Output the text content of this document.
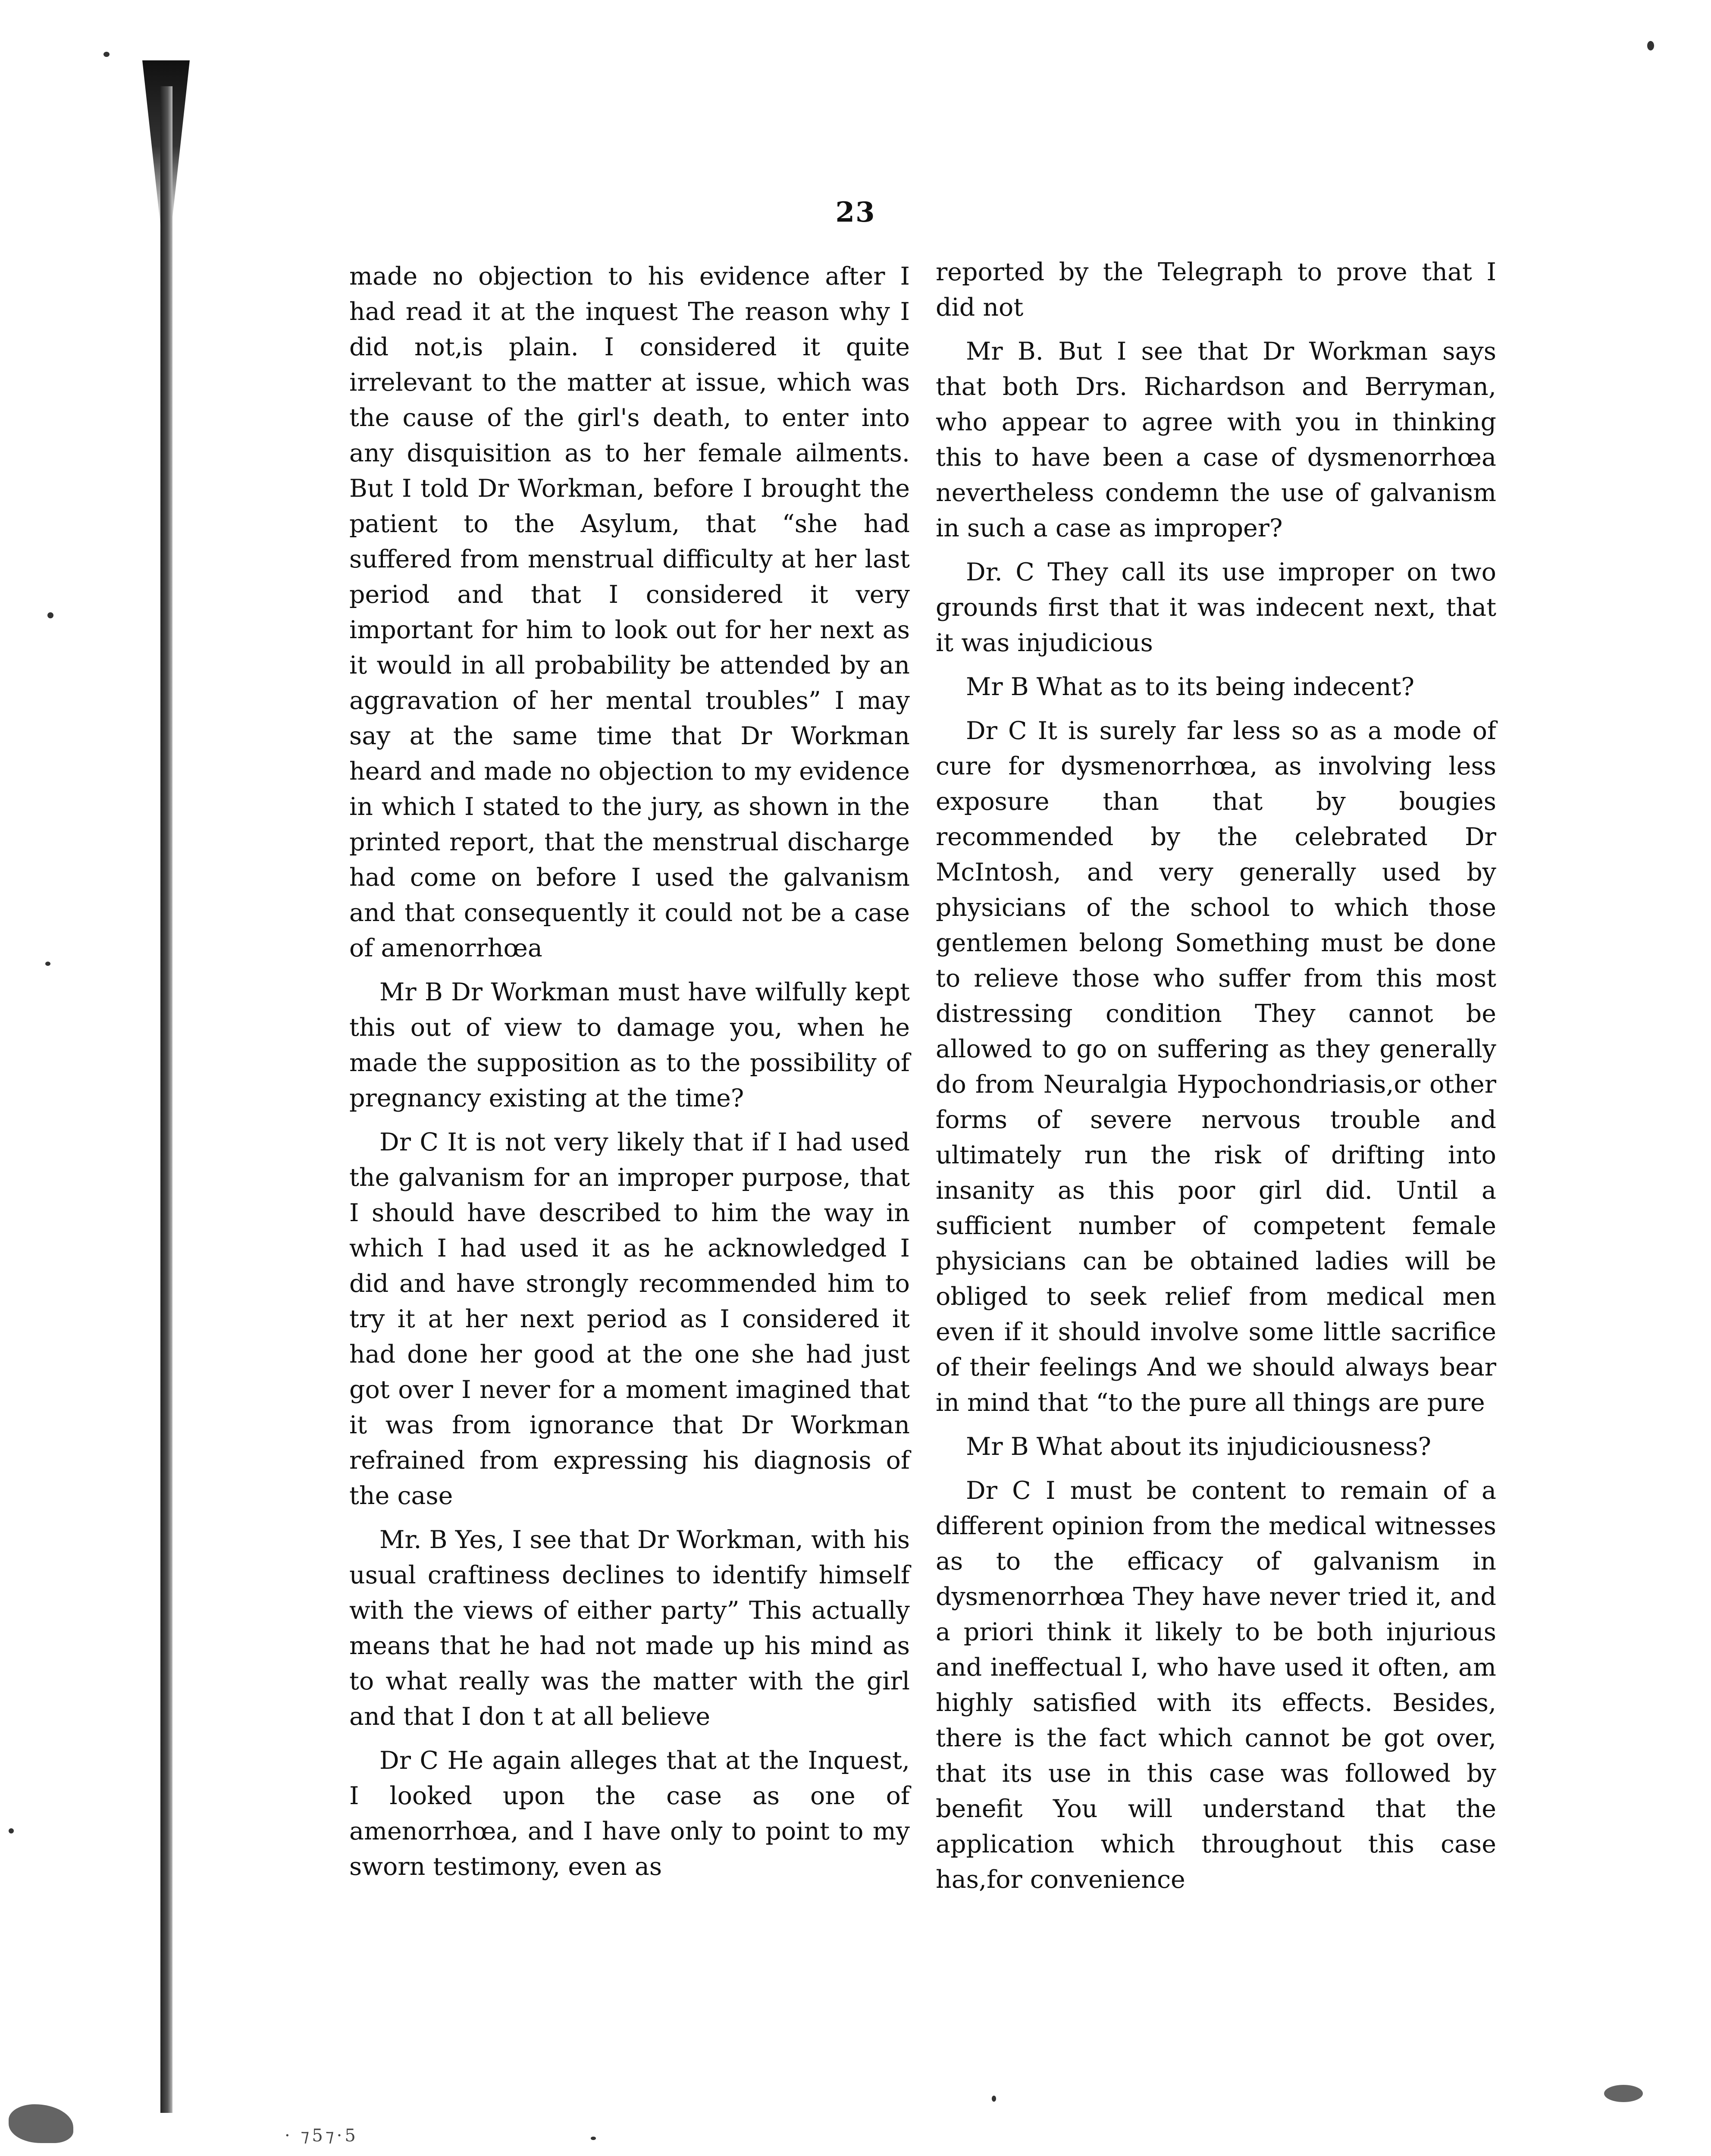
23

made no objection to his evidence after I had read it at the inquest The reason why I did not,is plain. I considered it quite irrelevant to the matter at issue, which was the cause of the girl's death, to enter into any disquisition as to her female ailments. But I told Dr Workman, before I brought the patient to the Asylum, that “she had suffered from menstrual difficulty at her last period and that I considered it very important for him to look out for her next as it would in all probability be attended by an aggravation of her mental troubles” I may say at the same time that Dr Workman heard and made no objection to my evidence in which I stated to the jury, as shown in the printed report, that the menstrual discharge had come on before I used the galvanism and that consequently it could not be a case of amenorrhœa

Mr B Dr Workman must have wilfully kept this out of view to damage you, when he made the supposition as to the possibility of pregnancy existing at the time?

Dr C It is not very likely that if I had used the galvanism for an improper purpose, that I should have described to him the way in which I had used it as he acknowledged I did and have strongly recommended him to try it at her next period as I considered it had done her good at the one she had just got over I never for a moment imagined that it was from ignorance that Dr Workman refrained from expressing his diagnosis of the case

Mr. B Yes, I see that Dr Workman, with his usual craftiness declines to identify himself with the views of either party” This actually means that he had not made up his mind as to what really was the matter with the girl and that I don t at all believe

Dr C He again alleges that at the Inquest, I looked upon the case as one of amenorrhœa, and I have only to point to my sworn testimony, even as

reported by the Telegraph to prove that I did not

Mr B. But I see that Dr Workman says that both Drs. Richardson and Berryman, who appear to agree with you in thinking this to have been a case of dysmenorrhœa nevertheless condemn the use of galvanism in such a case as improper?

Dr. C They call its use improper on two grounds first that it was indecent next, that it was injudicious

Mr B What as to its being indecent?

Dr C It is surely far less so as a mode of cure for dysmenorrhœa, as involving less exposure than that by bougies recommended by the celebrated Dr McIntosh, and very generally used by physicians of the school to which those gentlemen belong Something must be done to relieve those who suffer from this most distressing condition They cannot be allowed to go on suffering as they generally do from Neuralgia Hypochondriasis,or other forms of severe nervous trouble and ultimately run the risk of drifting into insanity as this poor girl did. Until a sufficient number of competent female physicians can be obtained ladies will be obliged to seek relief from medical men even if it should involve some little sacrifice of their feelings And we should always bear in mind that “to the pure all things are pure

Mr B What about its injudiciousness?

Dr C I must be content to remain of a different opinion from the medical witnesses as to the efficacy of galvanism in dysmenorrhœa They have never tried it, and a priori think it likely to be both injurious and ineffectual I, who have used it often, am highly satisfied with its effects. Besides, there is the fact which cannot be got over, that its use in this case was followed by benefit You will understand that the application which throughout this case has,for convenience

· ⁊5⁊·5
